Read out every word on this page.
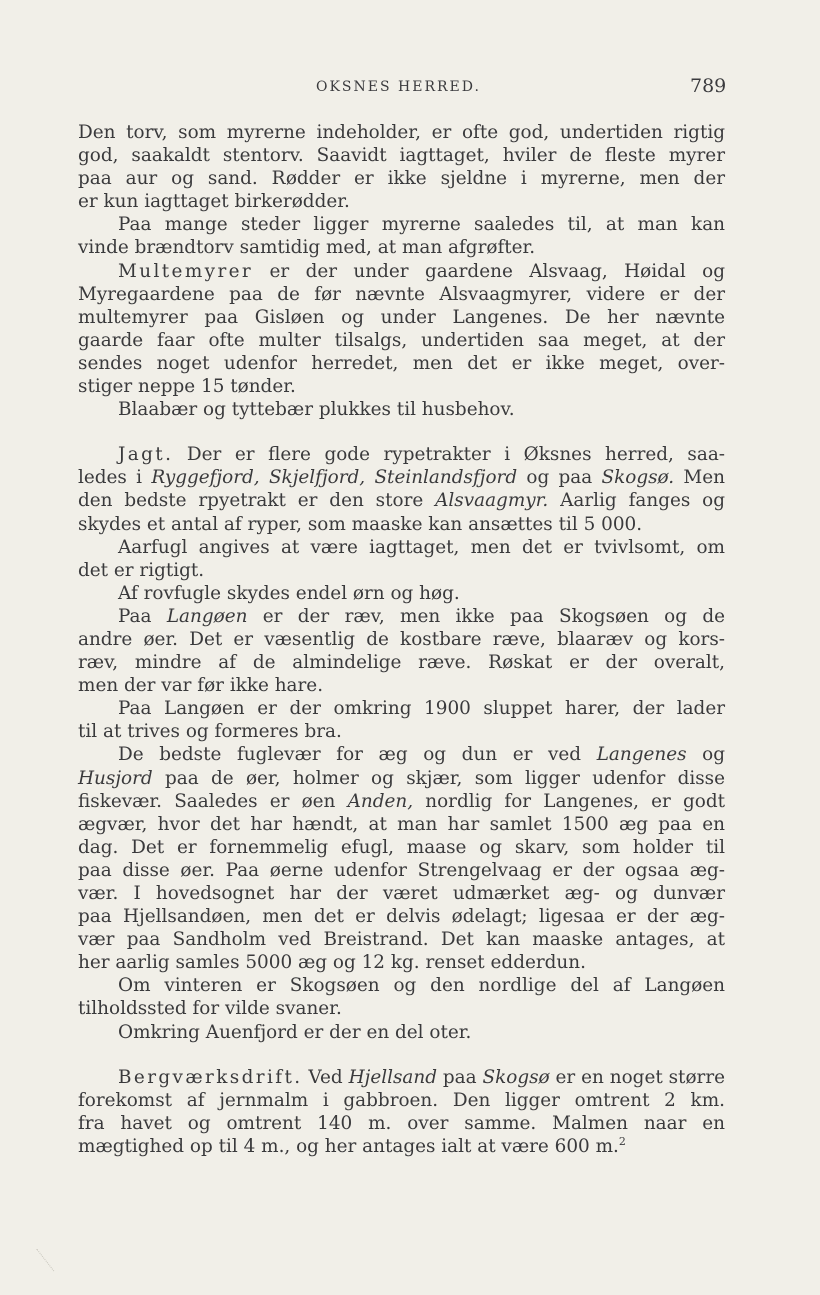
OKSNES HERRED.	789
Den torv, som myrerne indeholder, er ofte god, undertiden rigtig
god, saakaldt stentorv. Saavidt iagttaget, hviler de fleste myrer
paa aur og sand. Rødder er ikke sjeldne i myrerne, men der
er kun iagttaget birkerødder.
Paa mange steder ligger myrerne saaledes til, at man kan
vinde brændtorv samtidig med, at man afgrøfter.
Multemyrer er der under gaardene Alsvaag, Høidal og
Myregaardene paa de før nævnte Alsvaagmyrer, videre er der
multemyrer paa Gisløen og under Langenes. De her nævnte
gaarde faar ofte multer tilsalgs, undertiden saa meget, at der
sendes noget udenfor herredet, men det er ikke meget, over-
stiger neppe 15 tønder.
Blaabær og tyttebær plukkes til husbehov.
Jagt. Der er flere gode rypetrakter i Øksnes herred, saa-
ledes i Ryggefjord, Skjelfjord, Steinlandsfjord og paa Skogsø. Men
den bedste rpyetrakt er den store Alsvaagmyr. Aarlig fanges og
skydes et antal af ryper, som maaske kan ansættes til 5 000.
Aarfugl angives at være iagttaget, men det er tvivlsomt, om
det er rigtigt.
Af rovfugle skydes endel ørn og høg.
Paa Langøen er der ræv, men ikke paa Skogsøen og de
andre øer. Det er væsentlig de kostbare ræve, blaaræv og kors-
ræv, mindre af de almindelige ræve. Røskat er der overalt,
men der var før ikke hare.
Paa Langøen er der omkring 1900 sluppet harer, der lader
til at trives og formeres bra.
De bedste fuglevær for æg og dun er ved Langenes og
Husjord paa de øer, holmer og skjær, som ligger udenfor disse
fiskevær. Saaledes er øen Anden, nordlig for Langenes, er godt
ægvær, hvor det har hændt, at man har samlet 1500 æg paa en
dag. Det er fornemmelig efugl, maase og skarv, som holder til
paa disse øer. Paa øerne udenfor Strengelvaag er der ogsaa æg-
vær. I hovedsognet har der været udmærket æg- og dunvær
paa Hjellsandøen, men det er delvis ødelagt; ligesaa er der æg-
vær paa Sandholm ved Breistrand. Det kan maaske antages, at
her aarlig samles 5000 æg og 12 kg. renset edderdun.
Om vinteren er Skogsøen og den nordlige del af Langøen
tilholdssted for vilde svaner.
Omkring Auenfjord er der en del oter.
Bergværksdrift. Ved Hjellsand paa Skogsø er en noget større
forekomst af jernmalm i gabbroen. Den ligger omtrent 2 km.
fra havet og omtrent 140 m. over samme. Malmen naar en
mægtighed op til 4 m., og her antages ialt at være 600 m.$^2$
